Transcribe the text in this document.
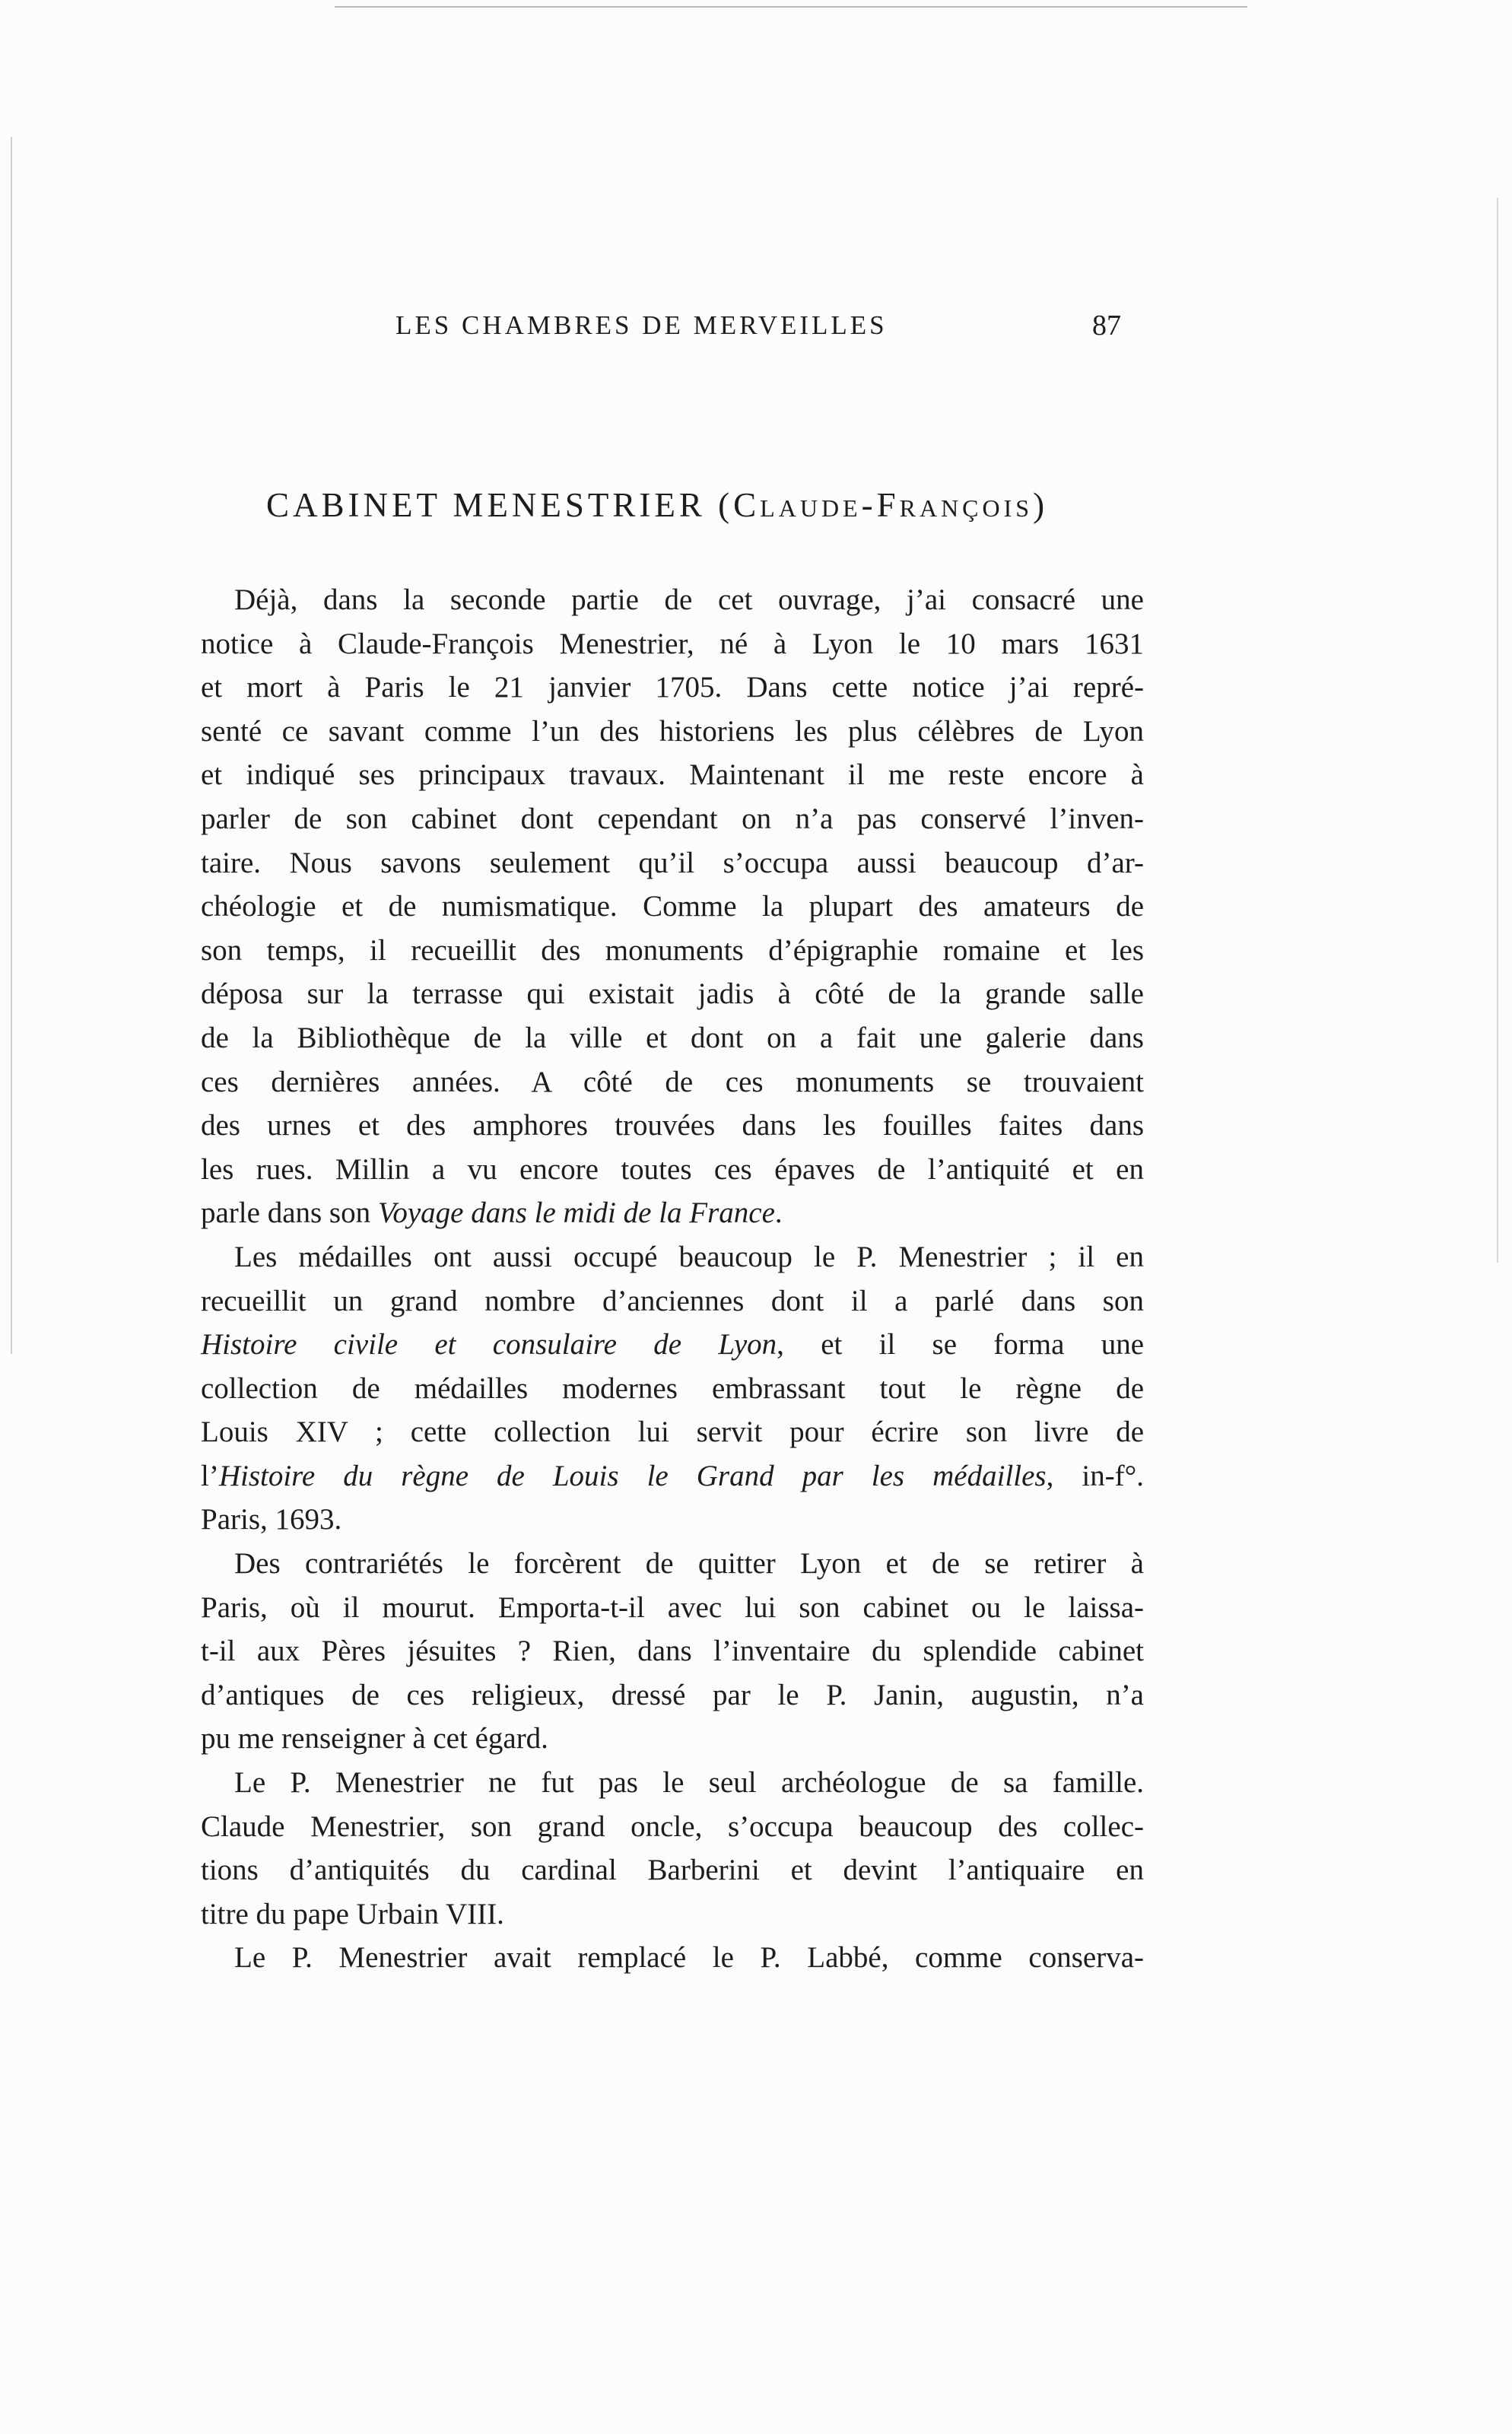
LES CHAMBRES DE MERVEILLES	87
CABINET MENESTRIER (Claude-François)

Déjà, dans la seconde partie de cet ouvrage, j’ai consacré une
notice à Claude-François Menestrier, né à Lyon le 10 mars 1631
et mort à Paris le 21 janvier 1705. Dans cette notice j’ai repré-
senté ce savant comme l’un des historiens les plus célèbres de Lyon
et indiqué ses principaux travaux. Maintenant il me reste encore à
parler de son cabinet dont cependant on n’a pas conservé l’inven-
taire. Nous savons seulement qu’il s’occupa aussi beaucoup d’ar-
chéologie et de numismatique. Comme la plupart des amateurs de
son temps, il recueillit des monuments d’épigraphie romaine et les
déposa sur la terrasse qui existait jadis à côté de la grande salle
de la Bibliothèque de la ville et dont on a fait une galerie dans
ces dernières années. A côté de ces monuments se trouvaient
des urnes et des amphores trouvées dans les fouilles faites dans
les rues. Millin a vu encore toutes ces épaves de l’antiquité et en
parle dans son Voyage dans le midi de la France.

Les médailles ont aussi occupé beaucoup le P. Menestrier ; il en
recueillit un grand nombre d’anciennes dont il a parlé dans son
Histoire civile et consulaire de Lyon, et il se forma une
collection de médailles modernes embrassant tout le règne de
Louis XIV ; cette collection lui servit pour écrire son livre de
l’Histoire du règne de Louis le Grand par les médailles, in-f°.
Paris, 1693.

Des contrariétés le forcèrent de quitter Lyon et de se retirer à
Paris, où il mourut. Emporta-t-il avec lui son cabinet ou le laissa-
t-il aux Pères jésuites ? Rien, dans l’inventaire du splendide cabinet
d’antiques de ces religieux, dressé par le P. Janin, augustin, n’a
pu me renseigner à cet égard.

Le P. Menestrier ne fut pas le seul archéologue de sa famille.
Claude Menestrier, son grand oncle, s’occupa beaucoup des collec-
tions d’antiquités du cardinal Barberini et devint l’antiquaire en
titre du pape Urbain VIII.

Le P. Menestrier avait remplacé le P. Labbé, comme conserva-
